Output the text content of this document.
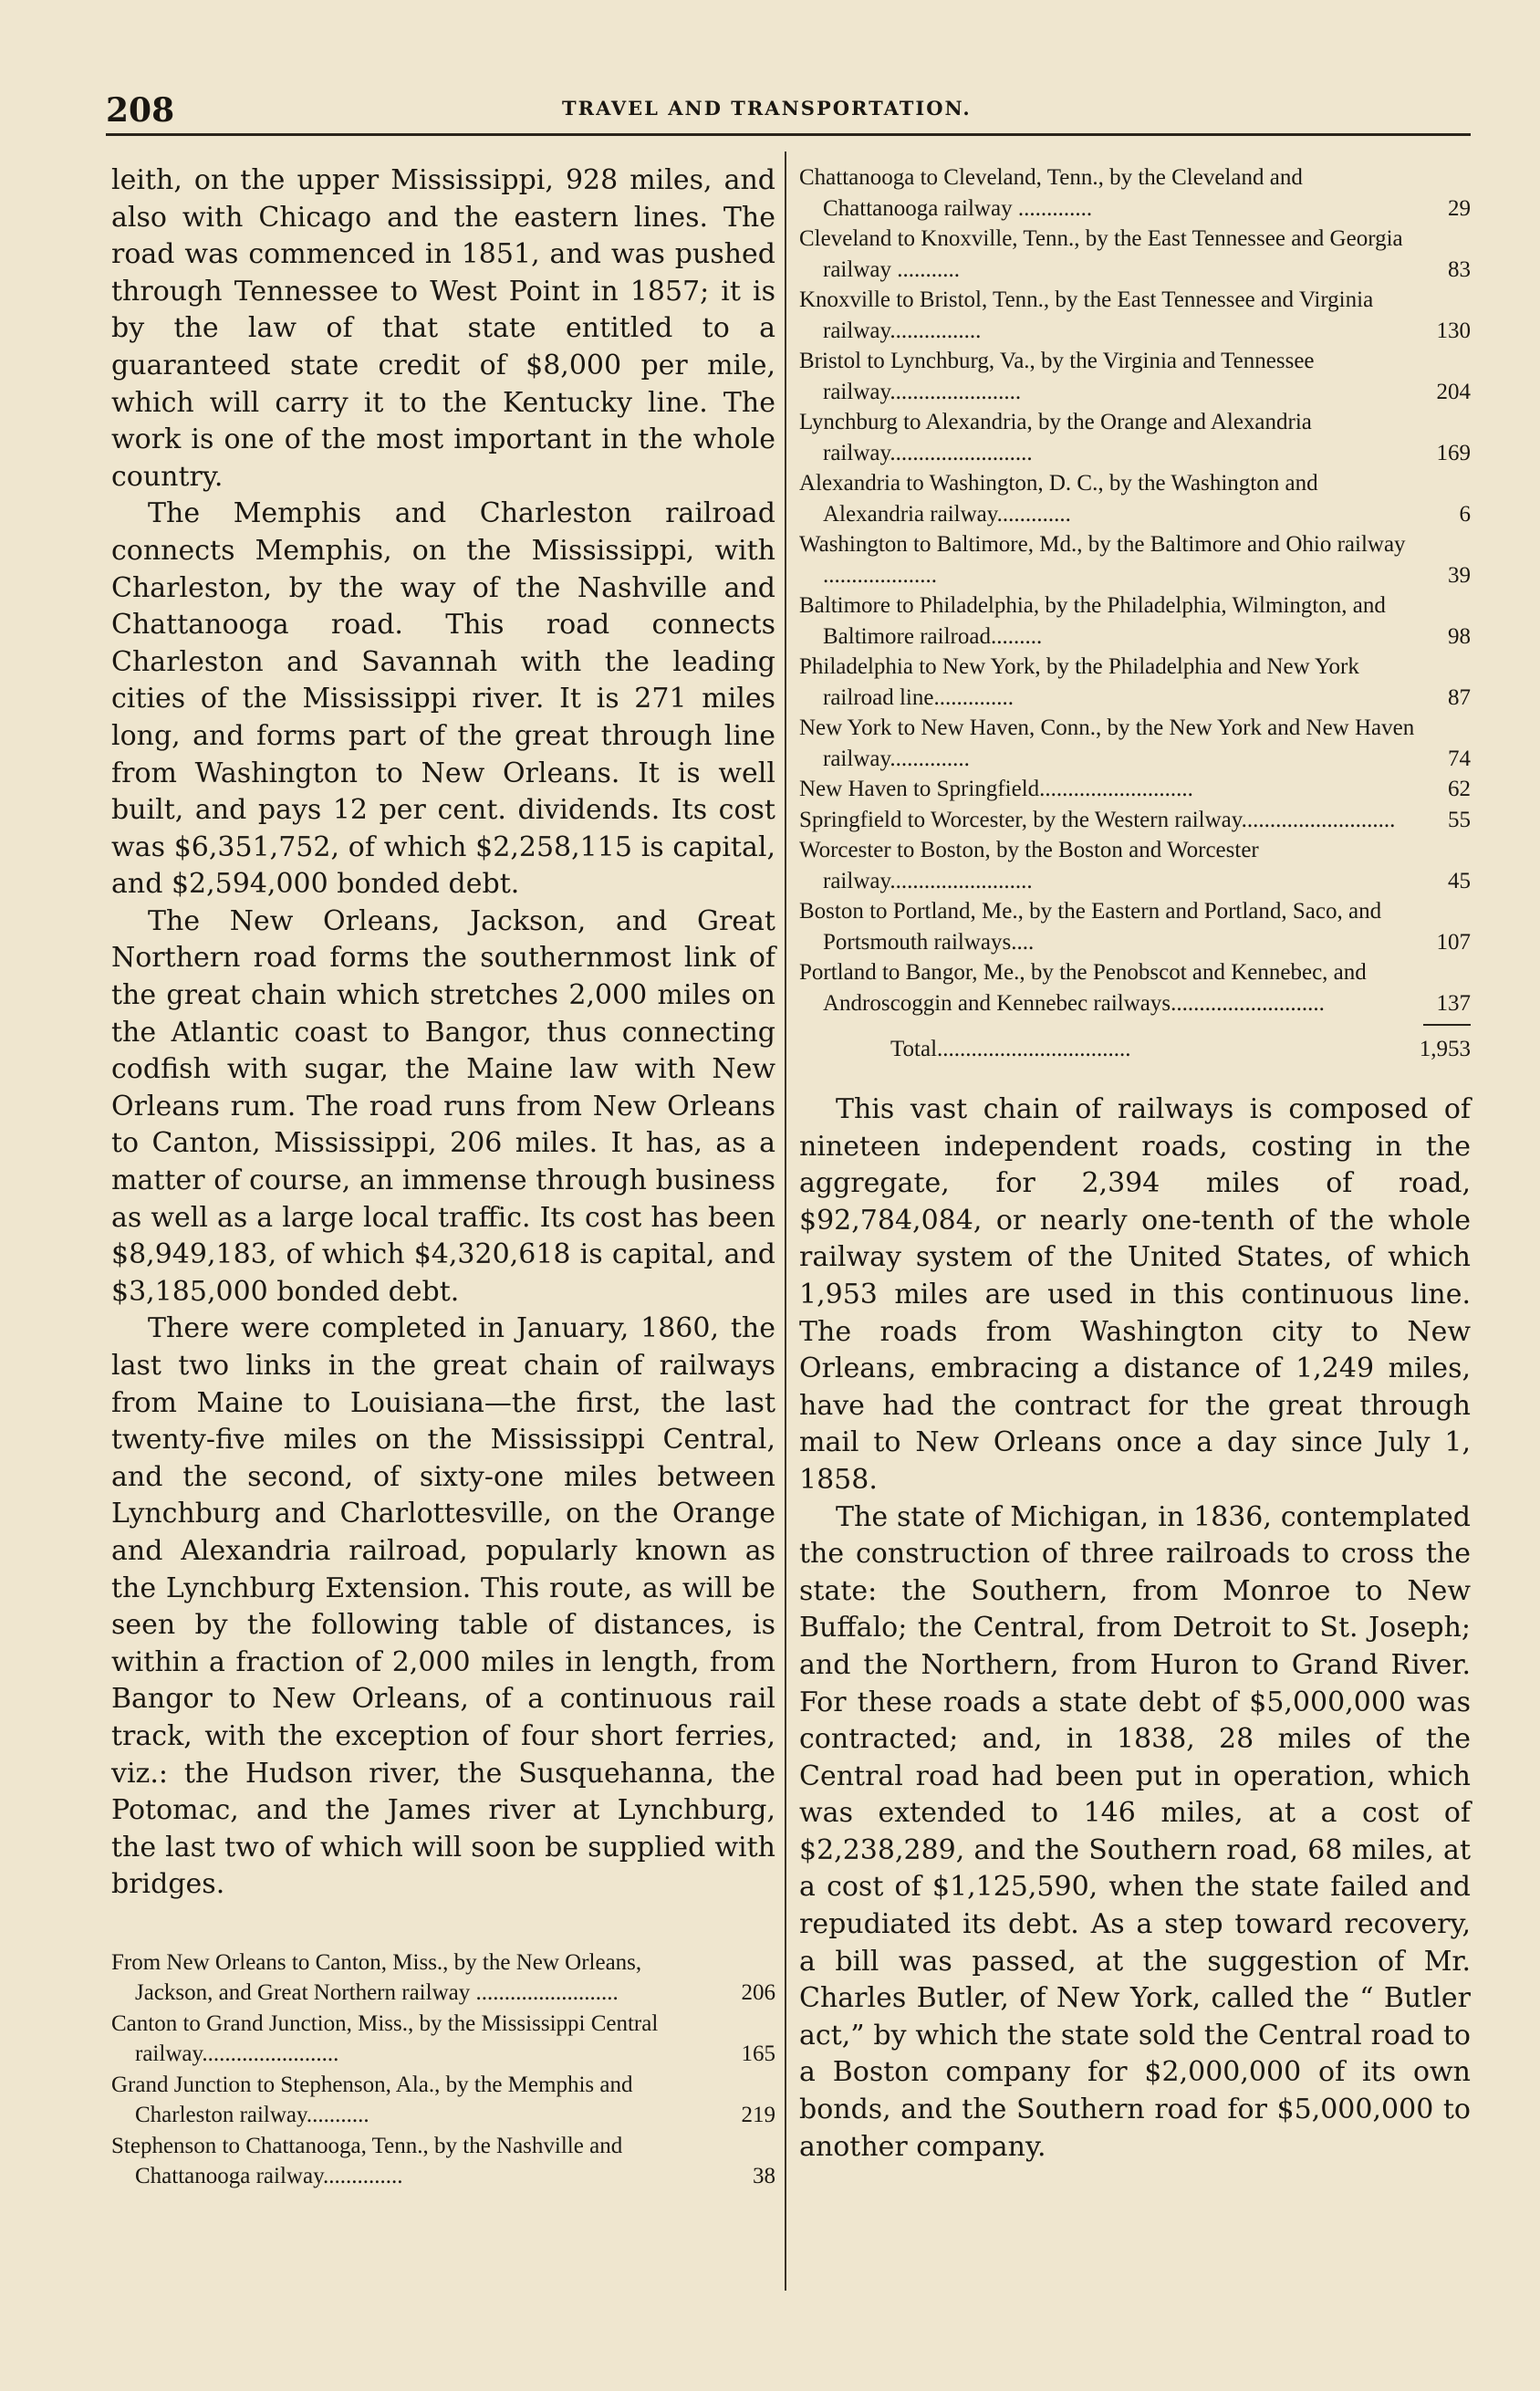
208	TRAVEL AND TRANSPORTATION.

leith, on the upper Mississippi, 928 miles, and also with Chicago and the eastern lines. The road was commenced in 1851, and was pushed through Tennessee to West Point in 1857; it is by the law of that state entitled to a guaranteed state credit of $8,000 per mile, which will carry it to the Kentucky line. The work is one of the most important in the whole country.

The Memphis and Charleston railroad connects Memphis, on the Mississippi, with Charleston, by the way of the Nashville and Chattanooga road. This road connects Charleston and Savannah with the leading cities of the Mississippi river. It is 271 miles long, and forms part of the great through line from Washington to New Orleans. It is well built, and pays 12 per cent. dividends. Its cost was $6,351,752, of which $2,258,115 is capital, and $2,594,000 bonded debt.

The New Orleans, Jackson, and Great Northern road forms the southernmost link of the great chain which stretches 2,000 miles on the Atlantic coast to Bangor, thus connecting codfish with sugar, the Maine law with New Orleans rum. The road runs from New Orleans to Canton, Mississippi, 206 miles. It has, as a matter of course, an immense through business as well as a large local traffic. Its cost has been $8,949,183, of which $4,320,618 is capital, and $3,185,000 bonded debt.

There were completed in January, 1860, the last two links in the great chain of railways from Maine to Louisiana—the first, the last twenty-five miles on the Mississippi Central, and the second, of sixty-one miles between Lynchburg and Charlottesville, on the Orange and Alexandria railroad, popularly known as the Lynchburg Extension. This route, as will be seen by the following table of distances, is within a fraction of 2,000 miles in length, from Bangor to New Orleans, of a continuous rail track, with the exception of four short ferries, viz.: the Hudson river, the Susquehanna, the Potomac, and the James river at Lynchburg, the last two of which will soon be supplied with bridges.

From New Orleans to Canton, Miss., by the New Orleans, Jackson, and Great Northern railway .........................	206
Canton to Grand Junction, Miss., by the Mississippi Central railway........................	165
Grand Junction to Stephenson, Ala., by the Memphis and Charleston railway...........	219
Stephenson to Chattanooga, Tenn., by the Nashville and Chattanooga railway..............	38
Chattanooga to Cleveland, Tenn., by the Cleveland and Chattanooga railway .............	29
Cleveland to Knoxville, Tenn., by the East Tennessee and Georgia railway ...........	83
Knoxville to Bristol, Tenn., by the East Tennessee and Virginia railway................	130
Bristol to Lynchburg, Va., by the Virginia and Tennessee railway.......................	204
Lynchburg to Alexandria, by the Orange and Alexandria railway.........................	169
Alexandria to Washington, D. C., by the Washington and Alexandria railway.............	6
Washington to Baltimore, Md., by the Baltimore and Ohio railway ....................	39
Baltimore to Philadelphia, by the Philadelphia, Wilmington, and Baltimore railroad.........	98
Philadelphia to New York, by the Philadelphia and New York railroad line..............	87
New York to New Haven, Conn., by the New York and New Haven railway..............	74
New Haven to Springfield...........................	62
Springfield to Worcester, by the Western railway........................... 55
Worcester to Boston, by the Boston and Worcester railway.........................	45
Boston to Portland, Me., by the Eastern and Portland, Saco, and Portsmouth railways....	107
Portland to Bangor, Me., by the Penobscot and Kennebec, and Androscoggin and Kennebec railways...........................	137
Total..................................	1,953

This vast chain of railways is composed of nineteen independent roads, costing in the aggregate, for 2,394 miles of road, $92,784,084, or nearly one-tenth of the whole railway system of the United States, of which 1,953 miles are used in this continuous line. The roads from Washington city to New Orleans, embracing a distance of 1,249 miles, have had the contract for the great through mail to New Orleans once a day since July 1, 1858.

The state of Michigan, in 1836, contemplated the construction of three railroads to cross the state: the Southern, from Monroe to New Buffalo; the Central, from Detroit to St. Joseph; and the Northern, from Huron to Grand River. For these roads a state debt of $5,000,000 was contracted; and, in 1838, 28 miles of the Central road had been put in operation, which was extended to 146 miles, at a cost of $2,238,289, and the Southern road, 68 miles, at a cost of $1,125,590, when the state failed and repudiated its debt. As a step toward recovery, a bill was passed, at the suggestion of Mr. Charles Butler, of New York, called the “ Butler act,” by which the state sold the Central road to a Boston company for $2,000,000 of its own bonds, and the Southern road for $5,000,000 to another company.
